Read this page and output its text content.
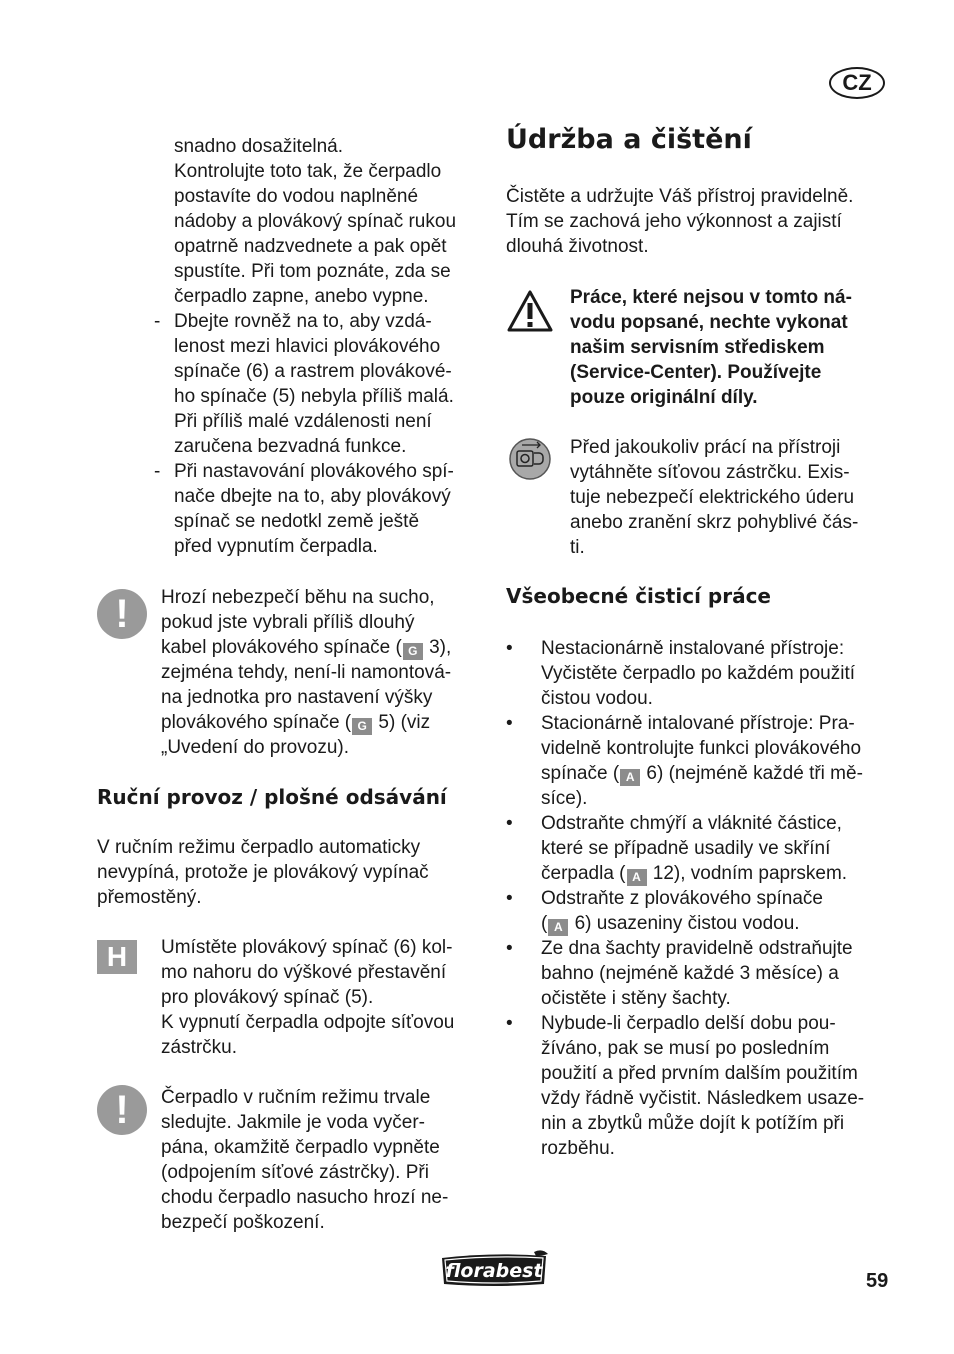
CZ

snadno dosažitelná.

Kontrolujte toto tak, že čerpadlo

postavíte do vodou naplněné

nádoby a plovákový spínač rukou

opatrně nadzvednete a pak opět

spustíte. Při tom poznáte, zda se

čerpadlo zapne, anebo vypne.

- Dbejte rovněž na to, aby vzdá-
lenost mezi hlavici plovákového
spínače (6) a rastrem plovákové-
ho spínače (5) nebyla příliš malá.
Při příliš malé vzdálenosti není
zaručena bezvadná funkce.
- Při nastavování plovákového spí-
nače dbejte na to, aby plovákový
spínač se nedotkl země ještě
před vypnutím čerpadla.
!	Hrozí nebezpečí běhu na sucho,

pokud jste vybrali příliš dlouhý

kabel plovákového spínače ( G 3),

zejména tehdy, není-li namontová-

na jednotka pro nastavení výšky

plovákového spínače ( G 5) (viz

„Uvedení do provozu).

Ruční provoz / plošné odsávání

V ručním režimu čerpadlo automaticky

nevypíná, protože je plovákový vypínač

přemostěný.

H	Umístěte plovákový spínač (6) kol-

mo nahoru do výškové přestavění

pro plovákový spínač (5).

K vypnutí čerpadla odpojte síťovou

zástrčku.

!	Čerpadlo v ručním režimu trvale

sledujte. Jakmile je voda vyčer-

pána, okamžitě čerpadlo vypněte

(odpojením síťové zástrčky). Při

chodu čerpadlo nasucho hrozí ne-

bezpečí poškození.

Údržba a čištění

Čistěte a udržujte Váš přístroj pravidelně.

Tím se zachová jeho výkonnost a zajistí

dlouhá životnost.

Práce, které nejsou v tomto ná-

vodu popsané, nechte vykonat

našim servisním střediskem

(Service-Center). Používejte

pouze originální díly.

Před jakoukoliv prácí na přístroji

vytáhněte síťovou zástrčku. Exis-

tuje nebezpečí elektrického úderu

anebo zranění skrz pohyblivé čás-

ti.

Všeobecné čisticí práce
• Nestacionárně instalované přístroje:
Vyčistěte čerpadlo po každém použití
čistou vodou.
• Stacionárně intalované přístroje: Pra-
videlně kontrolujte funkci plovákového
spínače ( A 6) (nejméně každé tři mě-
síce).
• Odstraňte chmýří a vláknité částice,
které se případně usadily ve skříní
čerpadla ( A 12), vodním paprskem.
• Odstraňte z plovákového spínače
( A 6) usazeniny čistou vodou.
• Ze dna šachty pravidelně odstraňujte
bahno (nejméně každé 3 měsíce) a
očistěte i stěny šachty.
• Nybude-li čerpadlo delší dobu pou-
žíváno, pak se musí po posledním
použití a před prvním dalším použitím
vždy řádně vyčistit. Následkem usaze-
nin a zbytků může dojít k potížím při
rozběhu.
florabest	59
